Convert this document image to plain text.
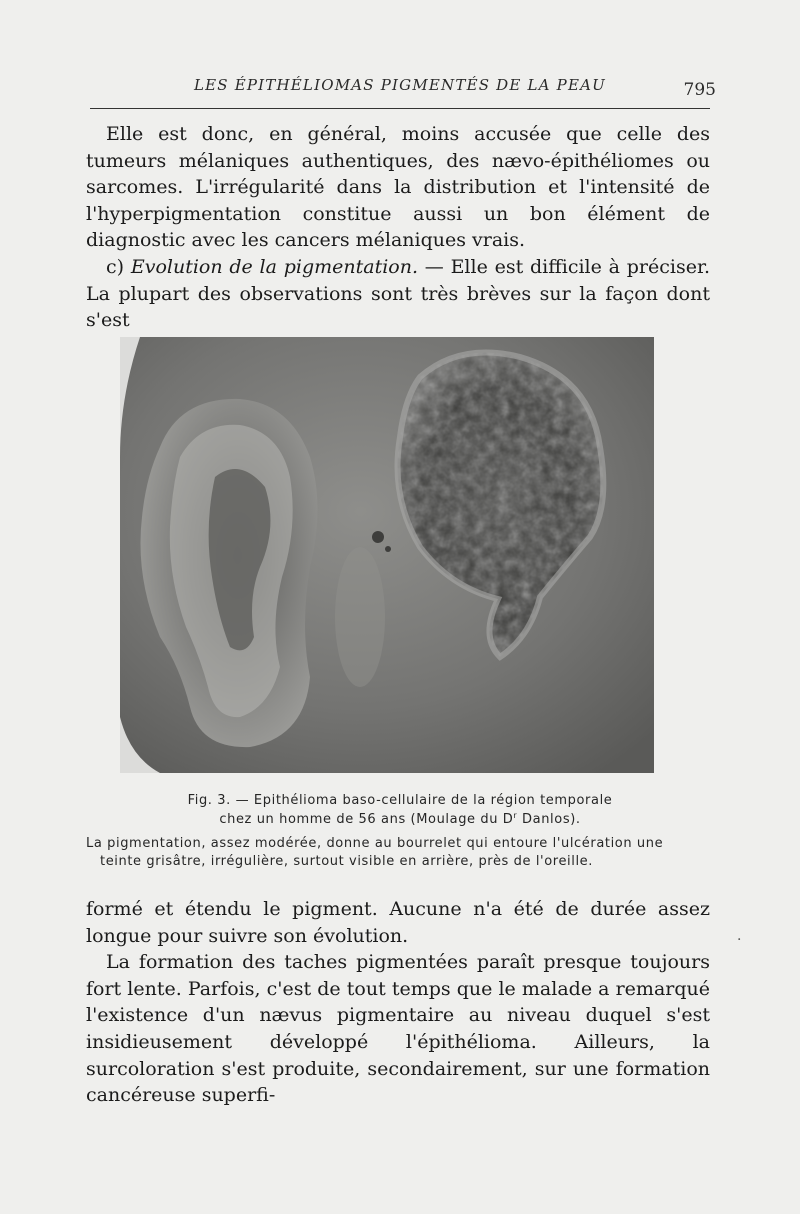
LES ÉPITHÉLIOMAS PIGMENTÉS DE LA PEAU	795

Elle est donc, en général, moins accusée que celle des tumeurs mélaniques authentiques, des nævo-épithéliomes ou sarcomes. L'irrégularité dans la distribution et l'intensité de l'hyperpigmentation constitue aussi un bon élément de diagnostic avec les cancers mélaniques vrais.

c) Evolution de la pigmentation. — Elle est difficile à préciser. La plupart des observations sont très brèves sur la façon dont s'est

Fig. 3. — Epithélioma baso-cellulaire de la région temporale
chez un homme de 56 ans (Moulage du $D^r$ Danlos).
La pigmentation, assez modérée, donne au bourrelet qui entoure l'ulcération une
teinte grisâtre, irrégulière, surtout visible en arrière, près de l'oreille.

formé et étendu le pigment. Aucune n'a été de durée assez longue pour suivre son évolution.

La formation des taches pigmentées paraît presque toujours fort lente. Parfois, c'est de tout temps que le malade a remarqué l'existence d'un nævus pigmentaire au niveau duquel s'est insidieusement développé l'épithélioma. Ailleurs, la surcoloration s'est produite, secondairement, sur une formation cancéreuse superfi-

·
